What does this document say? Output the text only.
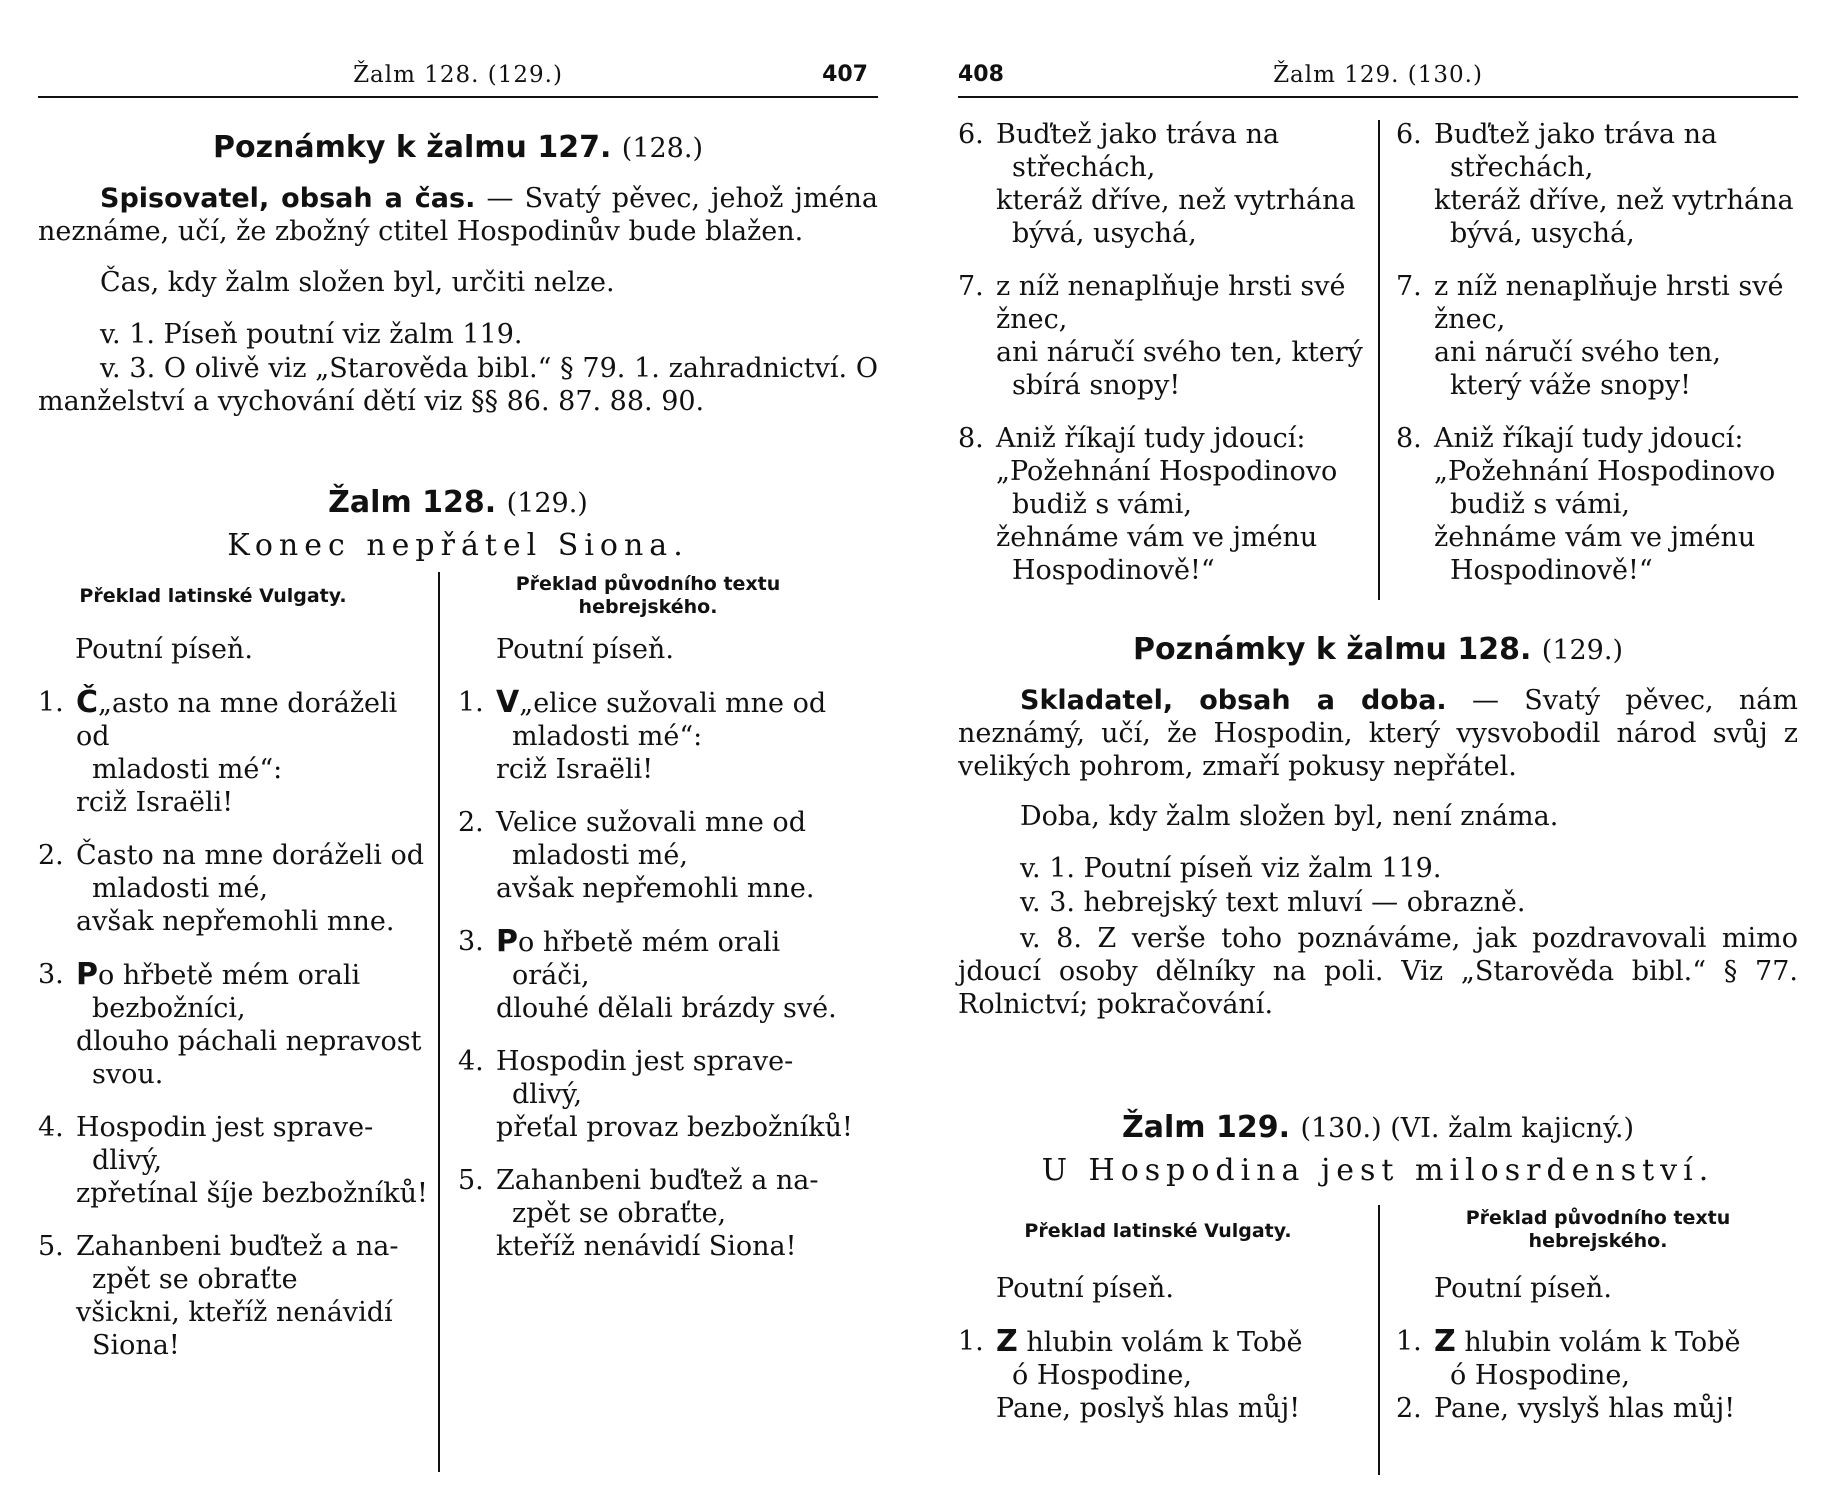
Žalm 128. (129.)	407
Poznámky k žalmu 127. (128.)
Spisovatel, obsah a čas. — Svatý pěvec, jehož jména neznáme, učí, že zbožný ctitel Hospodinův bude blažen.
Čas, kdy žalm složen byl, určiti nelze.
v. 1. Píseň poutní viz žalm 119.
v. 3. O olivě viz „Starověda bibl.“ § 79. 1. zahradnictví. O manželství a vychování dětí viz §§ 86. 87. 88. 90.
Žalm 128. (129.)
Konec nepřátel Siona.
Překlad latinské Vulgaty.
Překlad původního textu hebrejského.
Poutní píseň.
1. Č„asto na mne doráželi od
mladosti mé“:
rciž Israëli!
2. Často na mne doráželi od
mladosti mé,
avšak nepřemohli mne.
3. Po hřbetě mém orali
bezbožníci,
dlouho páchali nepravost
svou.
4. Hospodin jest sprave-
dlivý,
zpřetínal šíje bezbožníků!
5. Zahanbeni buďtež a na-
zpět se obraťte
všickni, kteříž nenávidí
Siona!
Poutní píseň.
1. V„elice sužovali mne od
mladosti mé“:
rciž Israëli!
2. Velice sužovali mne od
mladosti mé,
avšak nepřemohli mne.
3. Po hřbetě mém orali
oráči,
dlouhé dělali brázdy své.
4. Hospodin jest sprave-
dlivý,
přeťal provaz bezbožníků!
5. Zahanbeni buďtež a na-
zpět se obraťte,
kteříž nenávidí Siona!
408	Žalm 129. (130.)
6. Buďtež jako tráva na
střechách,
kteráž dříve, než vytrhána
bývá, usychá,
7. z níž nenaplňuje hrsti své
žnec,
ani náručí svého ten, který
sbírá snopy!
8. Aniž říkají tudy jdoucí:
„Požehnání Hospodinovo
budiž s vámi,
žehnáme vám ve jménu
Hospodinově!“
6. Buďtež jako tráva na
střechách,
kteráž dříve, než vytrhána
bývá, usychá,
7. z níž nenaplňuje hrsti své
žnec,
ani náručí svého ten,
který váže snopy!
8. Aniž říkají tudy jdoucí:
„Požehnání Hospodinovo
budiž s vámi,
žehnáme vám ve jménu
Hospodinově!“
Poznámky k žalmu 128. (129.)
Skladatel, obsah a doba. — Svatý pěvec, nám neznámý, učí, že Hospodin, který vysvobodil národ svůj z velikých pohrom, zmaří pokusy nepřátel.
Doba, kdy žalm složen byl, není známa.
v. 1. Poutní píseň viz žalm 119.
v. 3. hebrejský text mluví — obrazně.
v. 8. Z verše toho poznáváme, jak pozdravovali mimo jdoucí osoby dělníky na poli. Viz „Starověda bibl.“ § 77. Rolnictví; pokračování.
Žalm 129. (130.) (VI. žalm kajicný.)
U Hospodina jest milosrdenství.
Překlad latinské Vulgaty.
Překlad původního textu hebrejského.
Poutní píseň.
1. Z hlubin volám k Tobě
ó Hospodine,
Pane, poslyš hlas můj!
Poutní píseň.
1. Z hlubin volám k Tobě
ó Hospodine,
2. Pane, vyslyš hlas můj!
